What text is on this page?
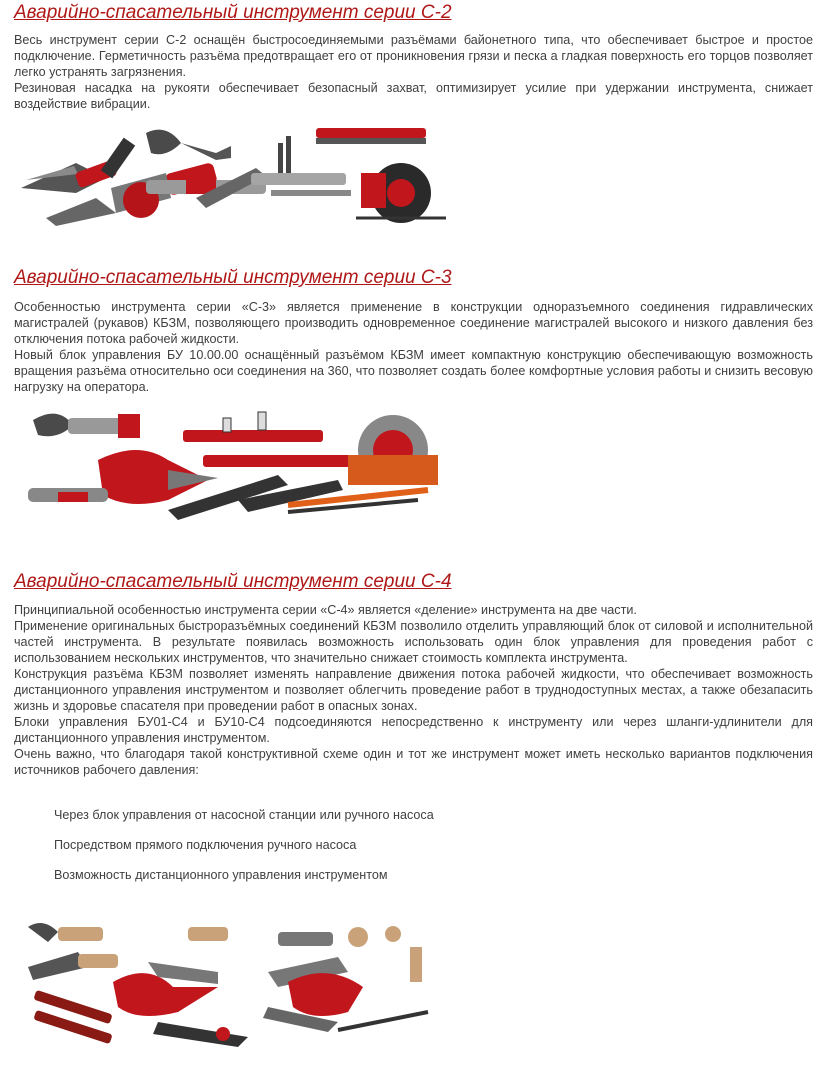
Аварийно-спасательный инструмент серии С-2

Весь инструмент серии С-2 оснащён быстросоединяемыми разъёмами байонетного типа, что обеспечивает быстрое и простое подключение. Герметичность разъёма предотвращает его от проникновения грязи и песка а гладкая поверхность его торцов позволяет легко устранять загрязнения.

Резиновая насадка на рукояти обеспечивает безопасный захват, оптимизирует усилие при удержании инструмента, снижает воздействие вибрации.

Аварийно-спасательный инструмент серии С-3

Особенностью инструмента серии «С-3» является применение в конструкции одноразъемного соединения гидравлических магистралей (рукавов) КБЗМ, позволяющего производить одновременное соединение магистралей высокого и низкого давления без отключения потока рабочей жидкости.

Новый блок управления БУ 10.00.00 оснащённый разъёмом КБЗМ имеет компактную конструкцию обеспечивающую возможность вращения разъёма относительно оси соединения на 360, что позволяет создать более комфортные условия работы и снизить весовую нагрузку на оператора.

Аварийно-спасательный инструмент серии С-4

Принципиальной особенностью инструмента серии «С-4» является «деление» инструмента на две части.

Применение оригинальных быстроразъёмных соединений КБЗМ позволило отделить управляющий блок от силовой и исполнительной частей инструмента. В результате появилась возможность использовать один блок управления для проведения работ с использованием нескольких инструментов, что значительно снижает стоимость комплекта инструмента.

Конструкция разъёма КБЗМ позволяет изменять направление движения потока рабочей жидкости, что обеспечивает возможность дистанционного управления инструментом и позволяет облегчить проведение работ в труднодоступных местах, а также обезапасить жизнь и здоровье спасателя при проведении работ в опасных зонах.

Блоки управления БУ01-С4 и БУ10-С4 подсоединяются непосредственно к инструменту или через шланги-удлинители для дистанционного управления инструментом.

Очень важно, что благодаря такой конструктивной схеме один и тот же инструмент может иметь несколько вариантов подключения источников рабочего давления:

Через блок управления от насосной станции или ручного насоса
Посредством прямого подключения ручного насоса
Возможность дистанционного управления инструментом
